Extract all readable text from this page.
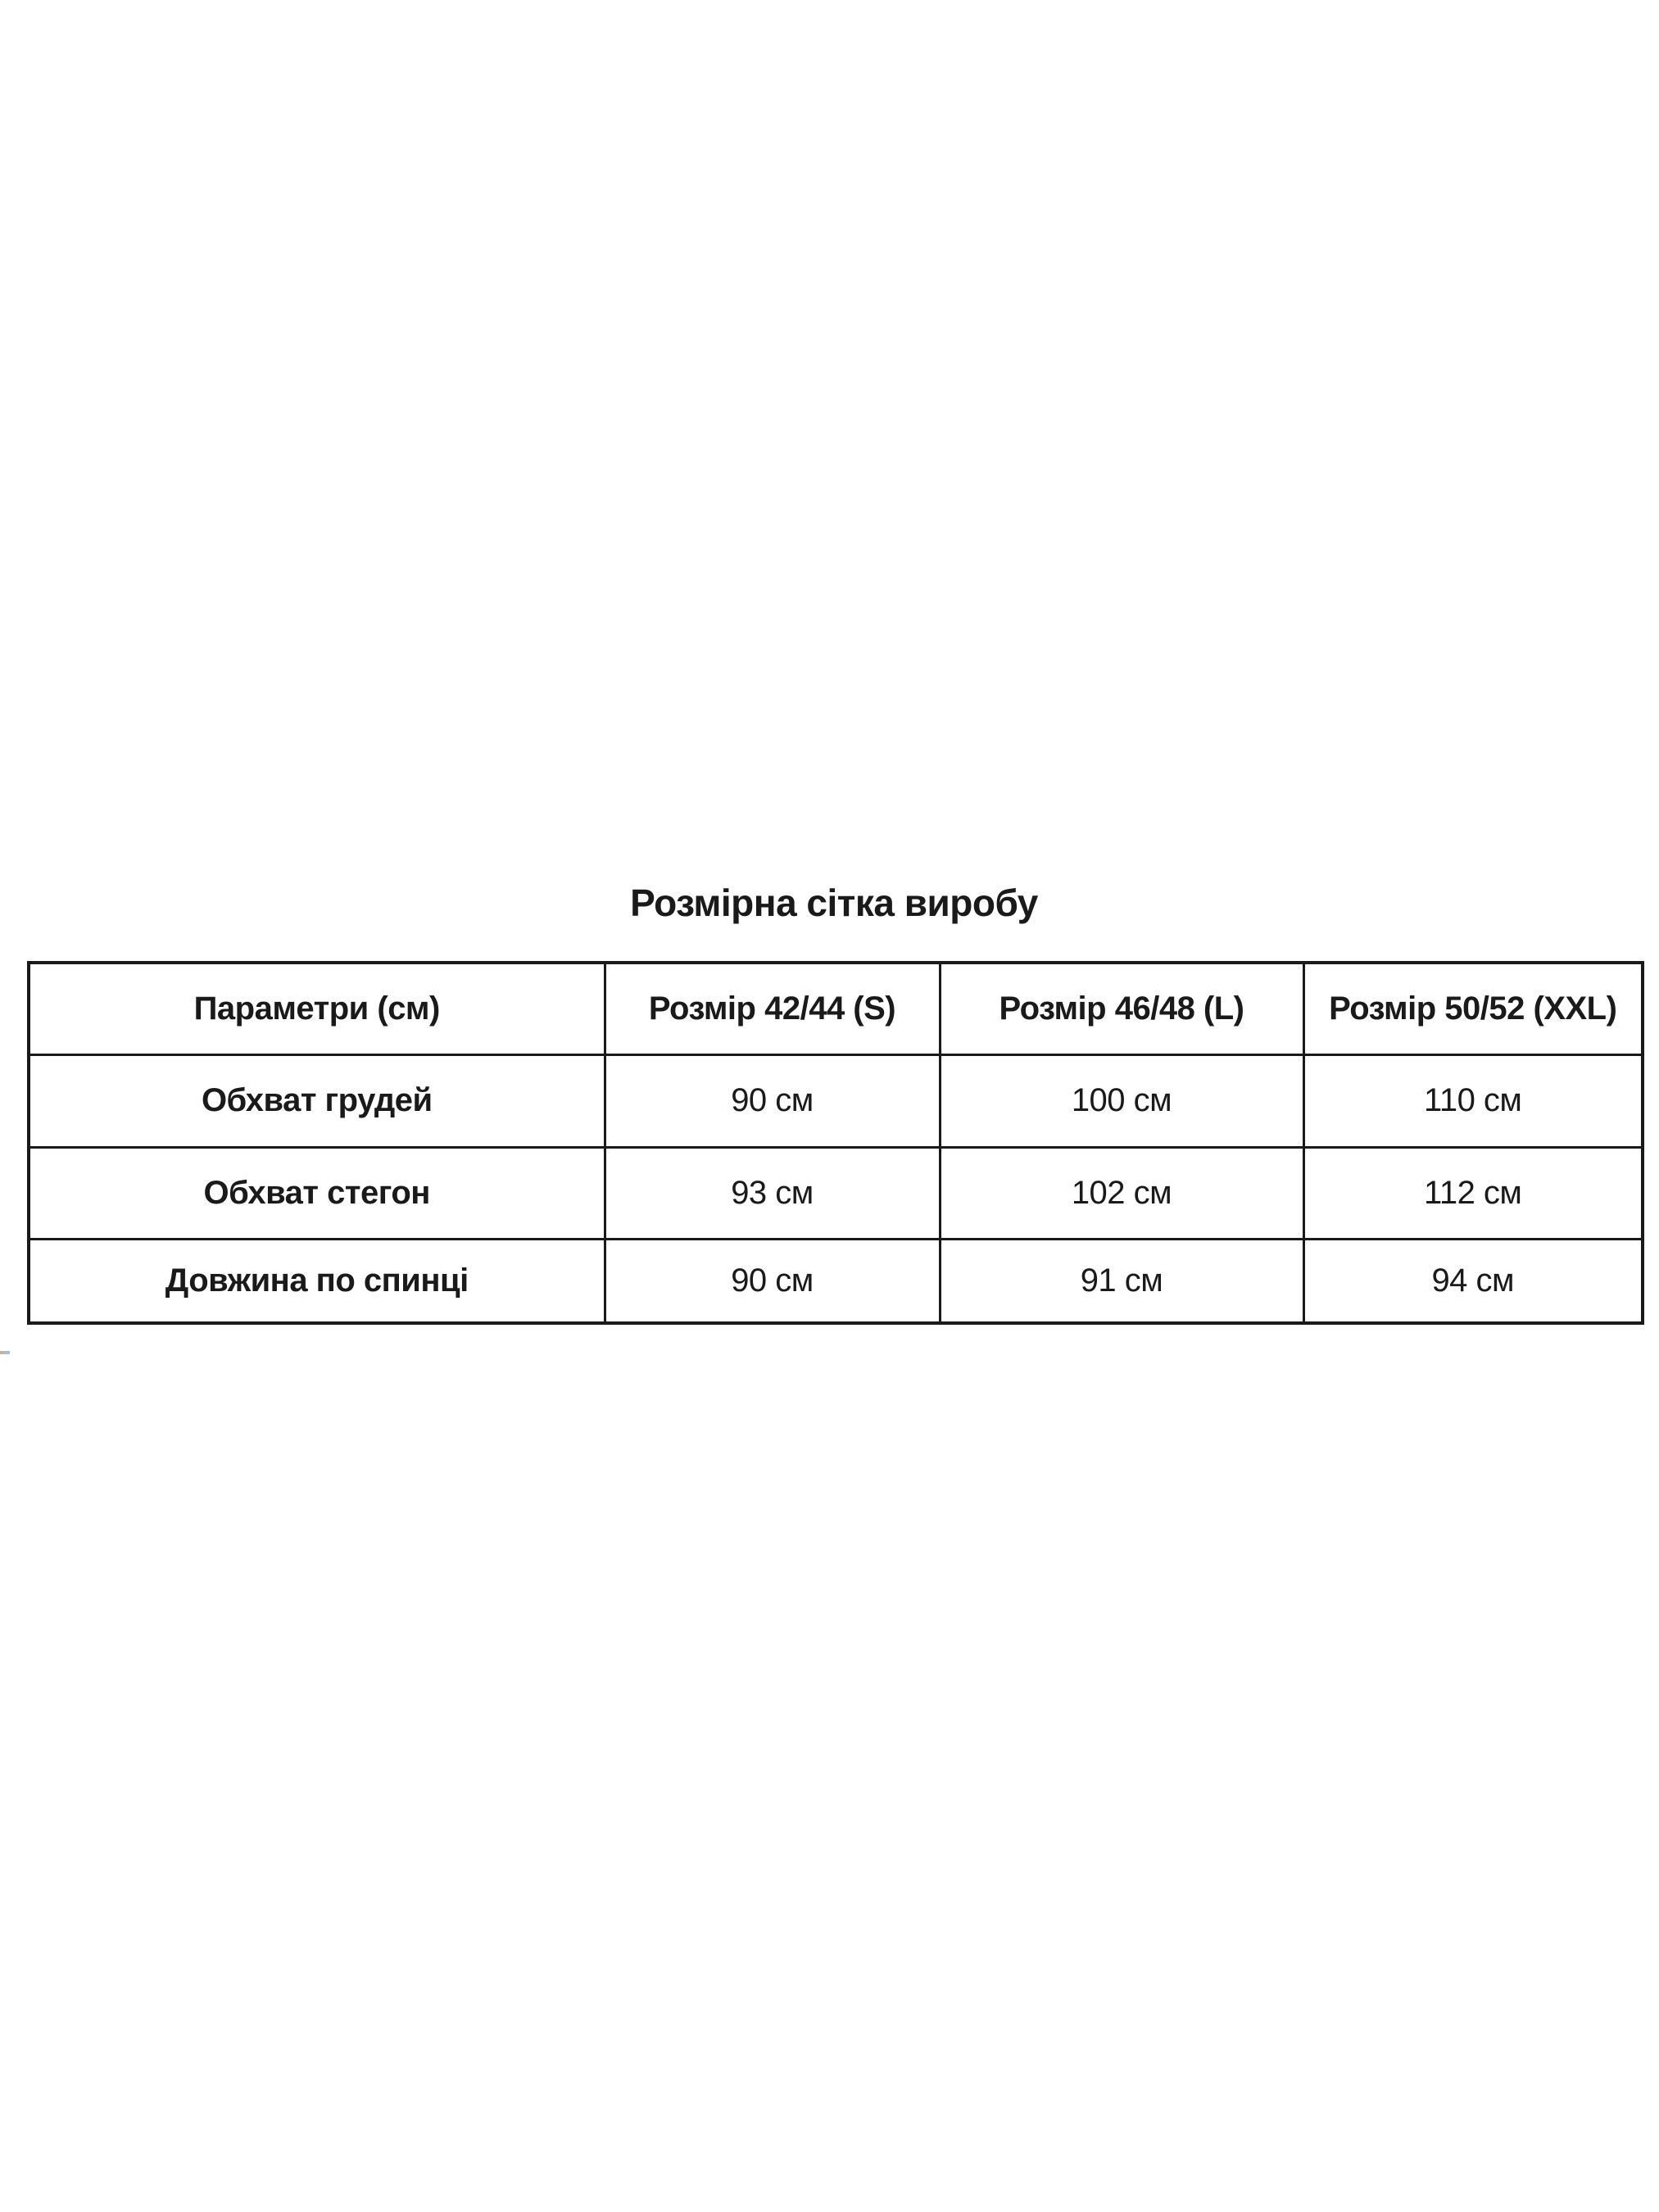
Розмірна сітка виробу
Параметри (см)	Розмір 42/44 (S)	Розмір 46/48 (L)	Розмір 50/52 (XXL)
Обхват грудей	90 см	100 см	110 см
Обхват стегон	93 см	102 см	112 см
Довжина по спинці	90 см	91 см	94 см
